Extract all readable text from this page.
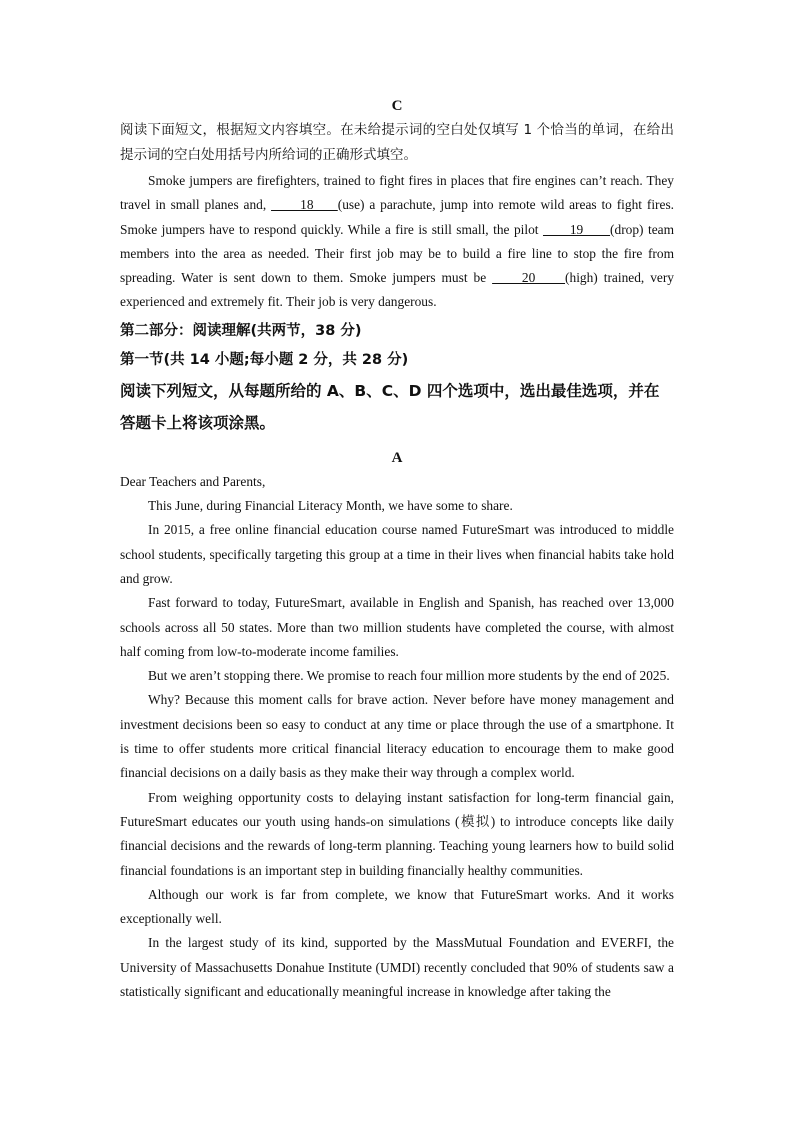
C
阅读下面短文，根据短文内容填空。在未给提示词的空白处仅填写 1 个恰当的单词，在给出提示词的空白处用括号内所给词的正确形式填空。
Smoke jumpers are firefighters, trained to fight fires in places that fire engines can’t reach. They travel in small planes and,       18     (use) a parachute, jump into remote wild areas to fight fires. Smoke jumpers have to respond quickly. While a fire is still small, the pilot       19      (drop) team members into the area as needed. Their first job may be to build a fire line to stop the fire from spreading. Water is sent down to them. Smoke jumpers must be      20     (high) trained, very experienced and extremely fit. Their job is very dangerous.
第二部分：阅读理解(共两节，38 分)
第一节(共 14 小题;每小题 2 分，共 28 分)
阅读下列短文，从每题所给的 A、B、C、D 四个选项中，选出最佳选项，并在答题卡上将该项涂黑。
A
Dear Teachers and Parents,
This June, during Financial Literacy Month, we have some to share.
In 2015, a free online financial education course named FutureSmart was introduced to middle school students, specifically targeting this group at a time in their lives when financial habits take hold and grow.
Fast forward to today, FutureSmart, available in English and Spanish, has reached over 13,000 schools across all 50 states. More than two million students have completed the course, with almost half coming from low-to-moderate income families.
But we aren’t stopping there. We promise to reach four million more students by the end of 2025.
Why? Because this moment calls for brave action. Never before have money management and investment decisions been so easy to conduct at any time or place through the use of a smartphone. It is time to offer students more critical financial literacy education to encourage them to make good financial decisions on a daily basis as they make their way through a complex world.
From weighing opportunity costs to delaying instant satisfaction for long-term financial gain, FutureSmart educates our youth using hands-on simulations (模拟) to introduce concepts like daily financial decisions and the rewards of long-term planning. Teaching young learners how to build solid financial foundations is an important step in building financially healthy communities.
Although our work is far from complete, we know that FutureSmart works. And it works exceptionally well.
In the largest study of its kind, supported by the MassMutual Foundation and EVERFI, the University of Massachusetts Donahue Institute (UMDI) recently concluded that 90% of students saw a statistically significant and educationally meaningful increase in knowledge after taking the
